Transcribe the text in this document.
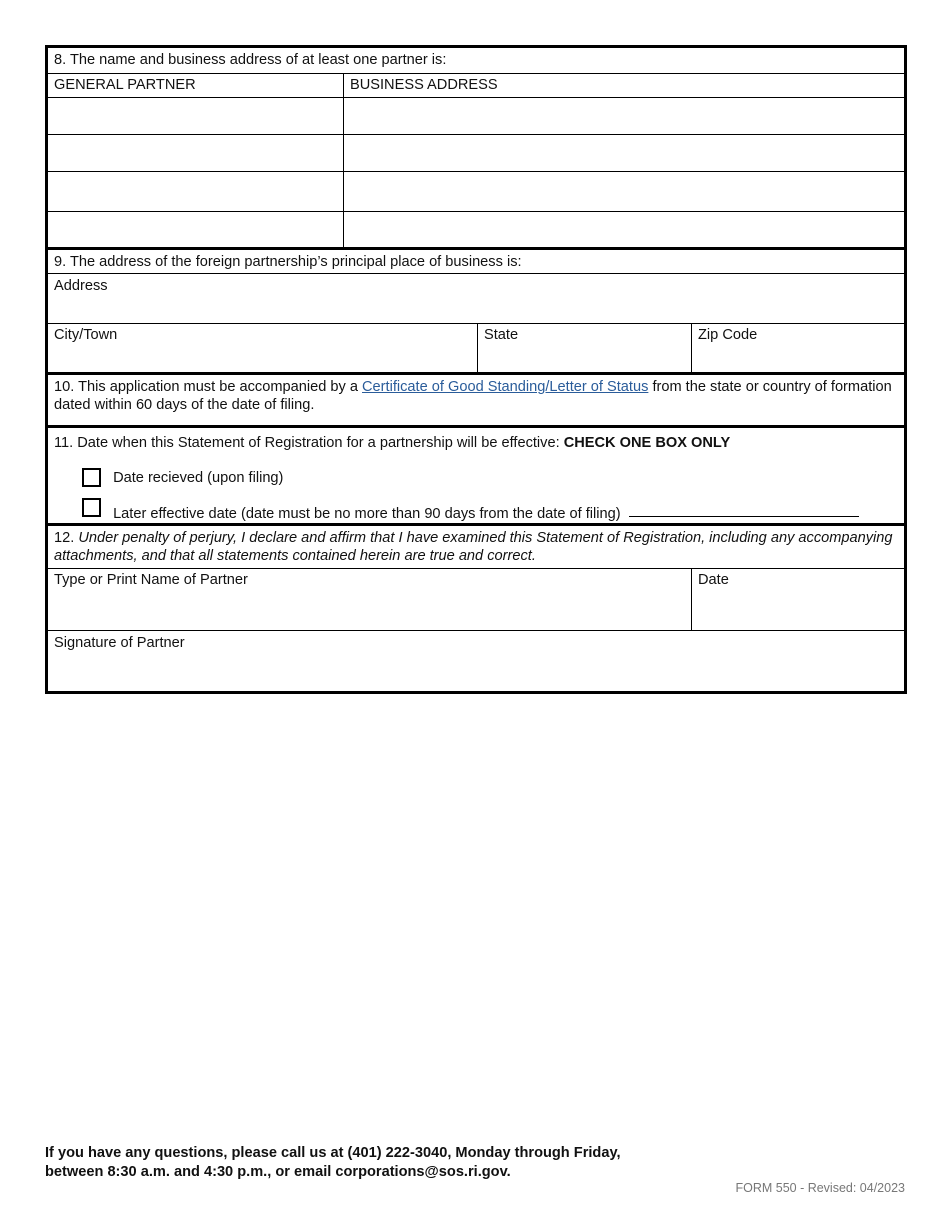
8. The name and business address of at least one partner is:
GENERAL PARTNER	BUSINESS ADDRESS
9. The address of the foreign partnership’s principal place of business is:
Address
City/Town	State	Zip Code
10. This application must be accompanied by a Certificate of Good Standing/Letter of Status from the state or country of formation dated within 60 days of the date of filing.
11. Date when this Statement of Registration for a partnership will be effective: CHECK ONE BOX ONLY
Date recieved (upon filing)
Later effective date (date must be no more than 90 days from the date of filing)
12. Under penalty of perjury, I declare and affirm that I have examined this Statement of Registration, including any accompanying attachments, and that all statements contained herein are true and correct.
Type or Print Name of Partner	Date
Signature of Partner
If you have any questions, please call us at (401) 222-3040, Monday through Friday,
between 8:30 a.m. and 4:30 p.m., or email corporations@sos.ri.gov.
FORM 550 - Revised: 04/2023
